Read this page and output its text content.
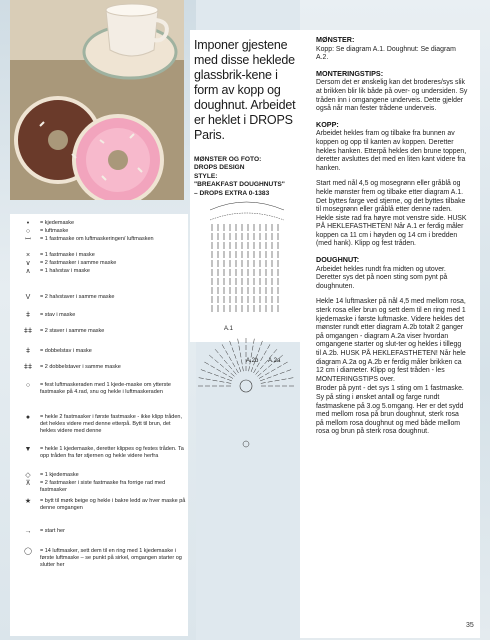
Imponer gjestene med disse heklede glassbrik-kene i form av kopp og doughnut. Arbeidet er heklet i DROPS Paris.
MØNSTER OG FOTO:
DROPS DESIGN
STYLE:
"BREAKFAST DOUGHNUTS"
– DROPS EXTRA 0-1383
MØNSTER:

Kopp: Se diagram A.1. Doughnut: Se diagram A.2.

MONTERINGSTIPS:

Dersom det er ønskelig kan det broderes/sys slik at brikken blir lik både på over- og undersiden. Sy tråden inn i omgangene underveis. Dette gjelder også når man fester trådene underveis.

KOPP:

Arbeidet hekles fram og tilbake fra bunnen av koppen og opp til kanten av koppen. Deretter hekles hanken. Etterpå hekles den brune toppen, deretter avsluttes det med en liten kant videre fra hanken.

Start med nål 4,5 og mosegrønn eller gråblå og hekle mønster frem og tilbake etter diagram A.1. Det byttes farge ved stjerne, og det byttes tilbake til mosegrønn eller gråblå etter denne raden. Hekle siste rad fra høyre mot venstre side. HUSK PÅ HEKLEFASTHETEN! Når A.1 er ferdig måler koppen ca 11 cm i høyden og 14 cm i bredden (med hank). Klipp og fest tråden.

DOUGHNUT:

Arbeidet hekles rundt fra midten og utover. Deretter sys det på noen sting som pynt på doughnuten.

Hekle 14 luftmasker på nål 4,5 med mellom rosa, sterk rosa eller brun og sett dem til en ring med 1 kjedemaske i første luftmaske. Videre hekles det mønster rundt etter diagram A.2b totalt 2 ganger på omgangen - diagram A.2a viser hvordan omgangene starter og slut-ter og hekles i tillegg til A.2b. HUSK PÅ HEKLEFASTHETEN! Når hele diagram A.2a og A.2b er ferdig måler brikken ca 12 cm i diameter. Klipp og fest tråden - les MONTERINGSTIPS over.

Broder på pynt - det sys 1 sting om 1 fastmaske. Sy på sting i ønsket antall og farge rundt fastmaskene på 3.og 5.omgang. Her er det sydd med mellom rosa på brun doughnut, sterk rosa på mellom rosa doughnut og med både mellom rosa og brun på sterk rosa doughnut.

•	= kjedemaske
○	= luftmaske
ꟷ	= 1 fastmaske om luftmaskeringen/ luftmasken
×	= 1 fastmaske i maske
∨	= 2 fastmasker i samme maske
∧	= 1 halvstav i maske
V	= 2 halvstaver i samme maske
ǂ	= stav i maske
ǂǂ	= 2 staver i samme maske
ǂ	= dobbelstav i maske
ǂǂ	= 2 dobbelstaver i samme maske
○	= fest luftmaskeraden med 1 kjede-maske om ytterste fastmaske på 4.rad, snu og hekle i luftmaskeraden
●	= hekle 2 fastmasker i første fastmaske - ikke klipp tråden, det hekles videre med denne etterpå. Bytt til brun, det hekles videre med denne
▼	= hekle 1 kjedemaske, deretter klippes og festes tråden. Ta opp tråden fra før stjernen og hekle videre herfra
◇	= 1 kjedemaske
⊼	= 2 fastmasker i siste fastmaske fra forrige rad med fastmasker
★	= bytt til mørk beige og hekle i bakre ledd av hver maske på denne omgangen
→	= start her
◯	= 14 luftmasker, sett dem til en ring med 1 kjedemaske i første luftmaske – se punkt på sirkel, omgangen starter og slutter her
A.1
A.2b A.2a
35
